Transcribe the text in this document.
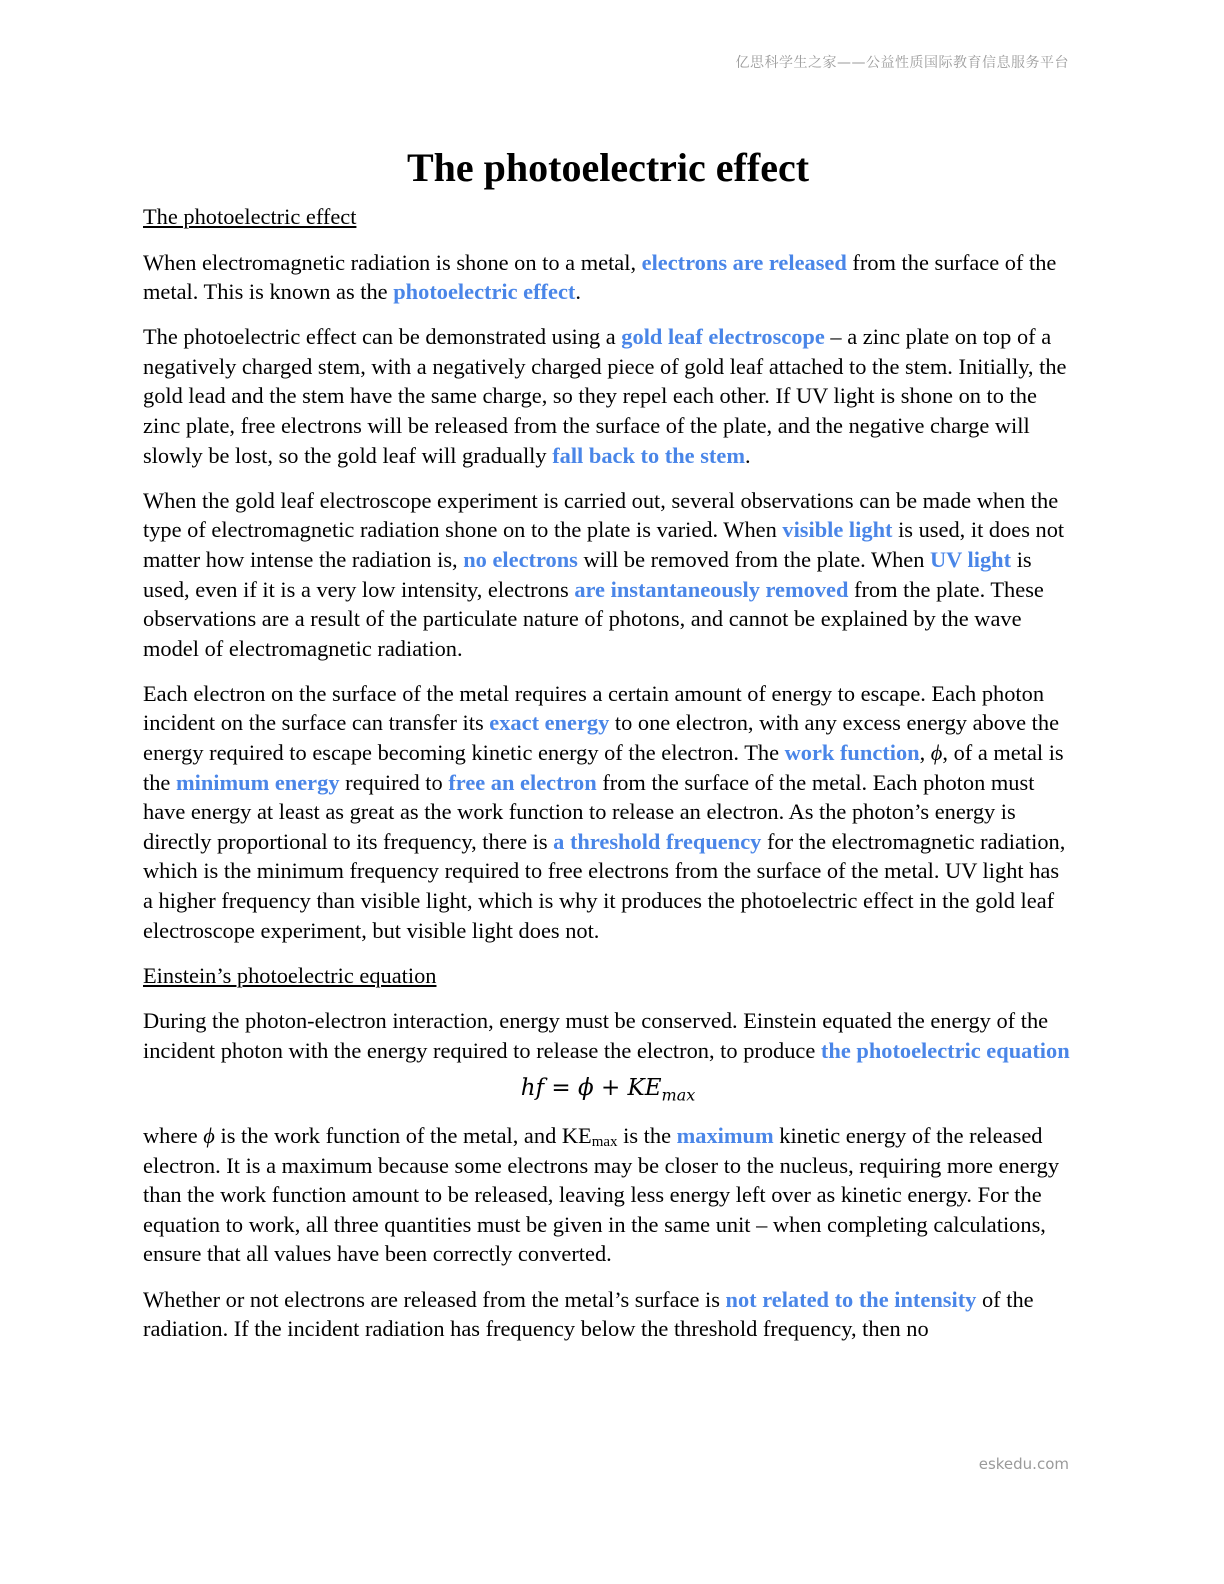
亿思科学生之家——公益性质国际教育信息服务平台
The photoelectric effect
The photoelectric effect

When electromagnetic radiation is shone on to a metal, electrons are released from the surface of the metal. This is known as the photoelectric effect.

The photoelectric effect can be demonstrated using a gold leaf electroscope – a zinc plate on top of a negatively charged stem, with a negatively charged piece of gold leaf attached to the stem. Initially, the gold lead and the stem have the same charge, so they repel each other. If UV light is shone on to the zinc plate, free electrons will be released from the surface of the plate, and the negative charge will slowly be lost, so the gold leaf will gradually fall back to the stem.

When the gold leaf electroscope experiment is carried out, several observations can be made when the type of electromagnetic radiation shone on to the plate is varied. When visible light is used, it does not matter how intense the radiation is, no electrons will be removed from the plate. When UV light is used, even if it is a very low intensity, electrons are instantaneously removed from the plate. These observations are a result of the particulate nature of photons, and cannot be explained by the wave model of electromagnetic radiation.

Each electron on the surface of the metal requires a certain amount of energy to escape. Each photon incident on the surface can transfer its exact energy to one electron, with any excess energy above the energy required to escape becoming kinetic energy of the electron. The work function, ϕ, of a metal is the minimum energy required to free an electron from the surface of the metal. Each photon must have energy at least as great as the work function to release an electron. As the photon’s energy is directly proportional to its frequency, there is a threshold frequency for the electromagnetic radiation, which is the minimum frequency required to free electrons from the surface of the metal. UV light has a higher frequency than visible light, which is why it produces the photoelectric effect in the gold leaf electroscope experiment, but visible light does not.

Einstein’s photoelectric equation

During the photon-electron interaction, energy must be conserved. Einstein equated the energy of the incident photon with the energy required to release the electron, to produce the photoelectric equation

hf = $\phi + KE_{max}$

where ϕ is the work function of the metal, and $KE_{max}$ is the maximum kinetic energy of the released electron. It is a maximum because some electrons may be closer to the nucleus, requiring more energy than the work function amount to be released, leaving less energy left over as kinetic energy. For the equation to work, all three quantities must be given in the same unit – when completing calculations, ensure that all values have been correctly converted.

Whether or not electrons are released from the metal’s surface is not related to the intensity of the radiation. If the incident radiation has frequency below the threshold frequency, then no

eskedu.com
